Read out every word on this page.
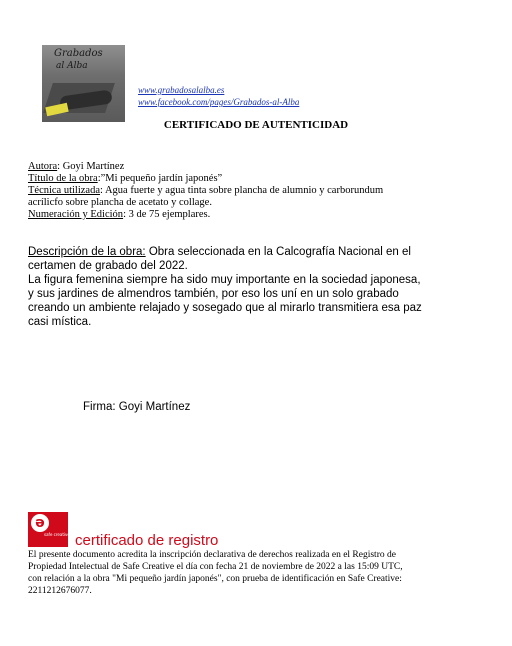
Grabados
al Alba
www.grabadosalalba.es
www.facebook.com/pages/Grabados-al-Alba
CERTIFICADO DE AUTENTICIDAD
Autora: Goyi Martínez
Título de la obra:”Mi pequeño jardín japonés”
Técnica utilizada: Agua fuerte y agua tinta sobre plancha de alumnio y carborundum
acrílicfo sobre plancha de acetato y collage.
Numeración y Edición: 3 de 75 ejemplares.
Descripción de la obra: Obra seleccionada en la Calcografía Nacional en el
certamen de grabado del 2022.
La figura femenina siempre ha sido muy importante en la sociedad japonesa,
y sus jardines de almendros también, por eso los uní en un solo grabado
creando un ambiente relajado y sosegado que al mirarlo transmitiera esa paz
casi mística.
Firma: Goyi Martínez
ə
safe creative certificado de registro
El presente documento acredita la inscripción declarativa de derechos realizada en el Registro de
Propiedad Intelectual de Safe Creative el día con fecha 21 de noviembre de 2022 a las 15:09 UTC,
con relación a la obra "Mi pequeño jardín japonés", con prueba de identificación en Safe Creative:
2211212676077.
